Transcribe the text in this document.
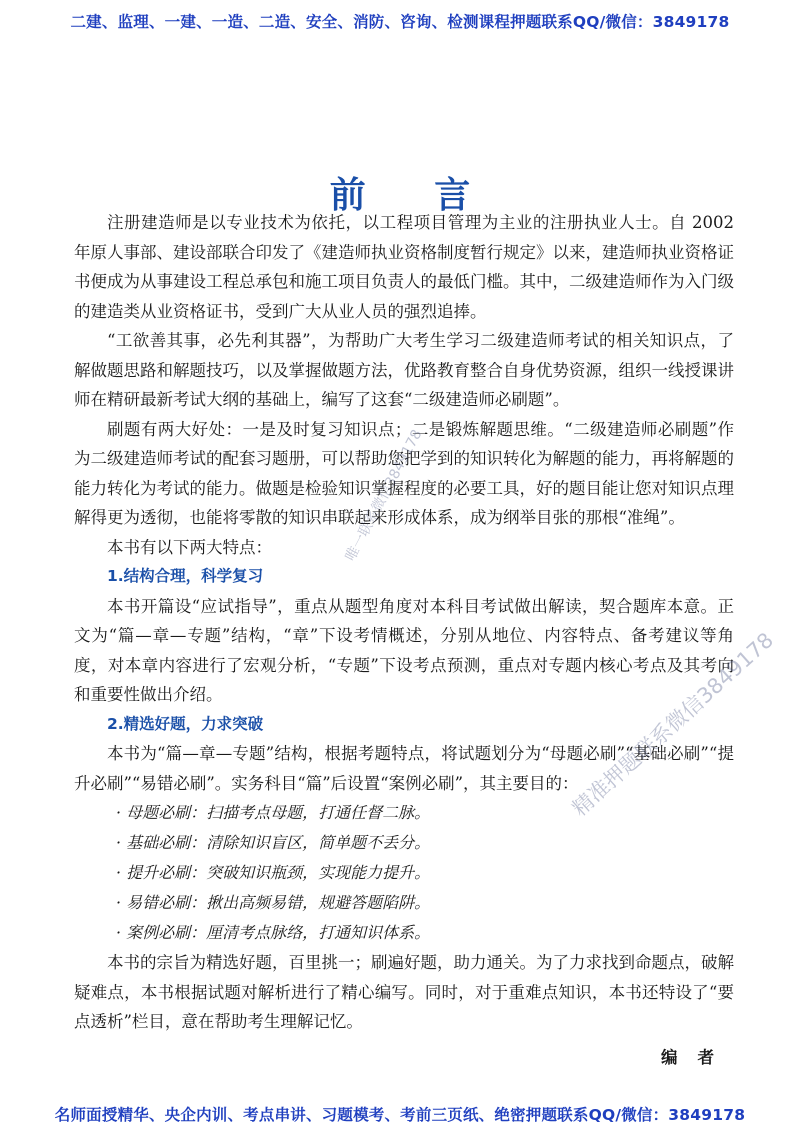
二建、监理、一建、一造、二造、安全、消防、咨询、检测课程押题联系QQ/微信：3849178
前 言

注册建造师是以专业技术为依托，以工程项目管理为主业的注册执业人士。自 2002 年原人事部、建设部联合印发了《建造师执业资格制度暂行规定》以来，建造师执业资格证书便成为从事建设工程总承包和施工项目负责人的最低门槛。其中，二级建造师作为入门级的建造类从业资格证书，受到广大从业人员的强烈追捧。

“工欲善其事，必先利其器”，为帮助广大考生学习二级建造师考试的相关知识点，了解做题思路和解题技巧，以及掌握做题方法，优路教育整合自身优势资源，组织一线授课讲师在精研最新考试大纲的基础上，编写了这套“二级建造师必刷题”。

刷题有两大好处：一是及时复习知识点；二是锻炼解题思维。“二级建造师必刷题”作为二级建造师考试的配套习题册，可以帮助您把学到的知识转化为解题的能力，再将解题的能力转化为考试的能力。做题是检验知识掌握程度的必要工具，好的题目能让您对知识点理解得更为透彻，也能将零散的知识串联起来形成体系，成为纲举目张的那根“准绳”。

本书有以下两大特点：

1.结构合理，科学复习

本书开篇设“应试指导”，重点从题型角度对本科目考试做出解读，契合题库本意。正文为“篇—章—专题”结构，“章”下设考情概述，分别从地位、内容特点、备考建议等角度，对本章内容进行了宏观分析，“专题”下设考点预测，重点对专题内核心考点及其考向和重要性做出介绍。

2.精选好题，力求突破

本书为“篇—章—专题”结构，根据考题特点，将试题划分为“母题必刷”“基础必刷”“提升必刷”“易错必刷”。实务科目“篇”后设置“案例必刷”，其主要目的：

· 母题必刷：扫描考点母题，打通任督二脉。

· 基础必刷：清除知识盲区，简单题不丢分。

· 提升必刷：突破知识瓶颈，实现能力提升。

· 易错必刷：揪出高频易错，规避答题陷阱。

· 案例必刷：厘清考点脉络，打通知识体系。

本书的宗旨为精选好题，百里挑一；刷遍好题，助力通关。为了力求找到命题点，破解疑难点，本书根据试题对解析进行了精心编写。同时，对于重难点知识，本书还特设了“要点透析”栏目，意在帮助考生理解记忆。

编者

唯一联系微信3849178
精准押题联系微信3849178
名师面授精华、央企内训、考点串讲、习题模考、考前三页纸、绝密押题联系QQ/微信：3849178
